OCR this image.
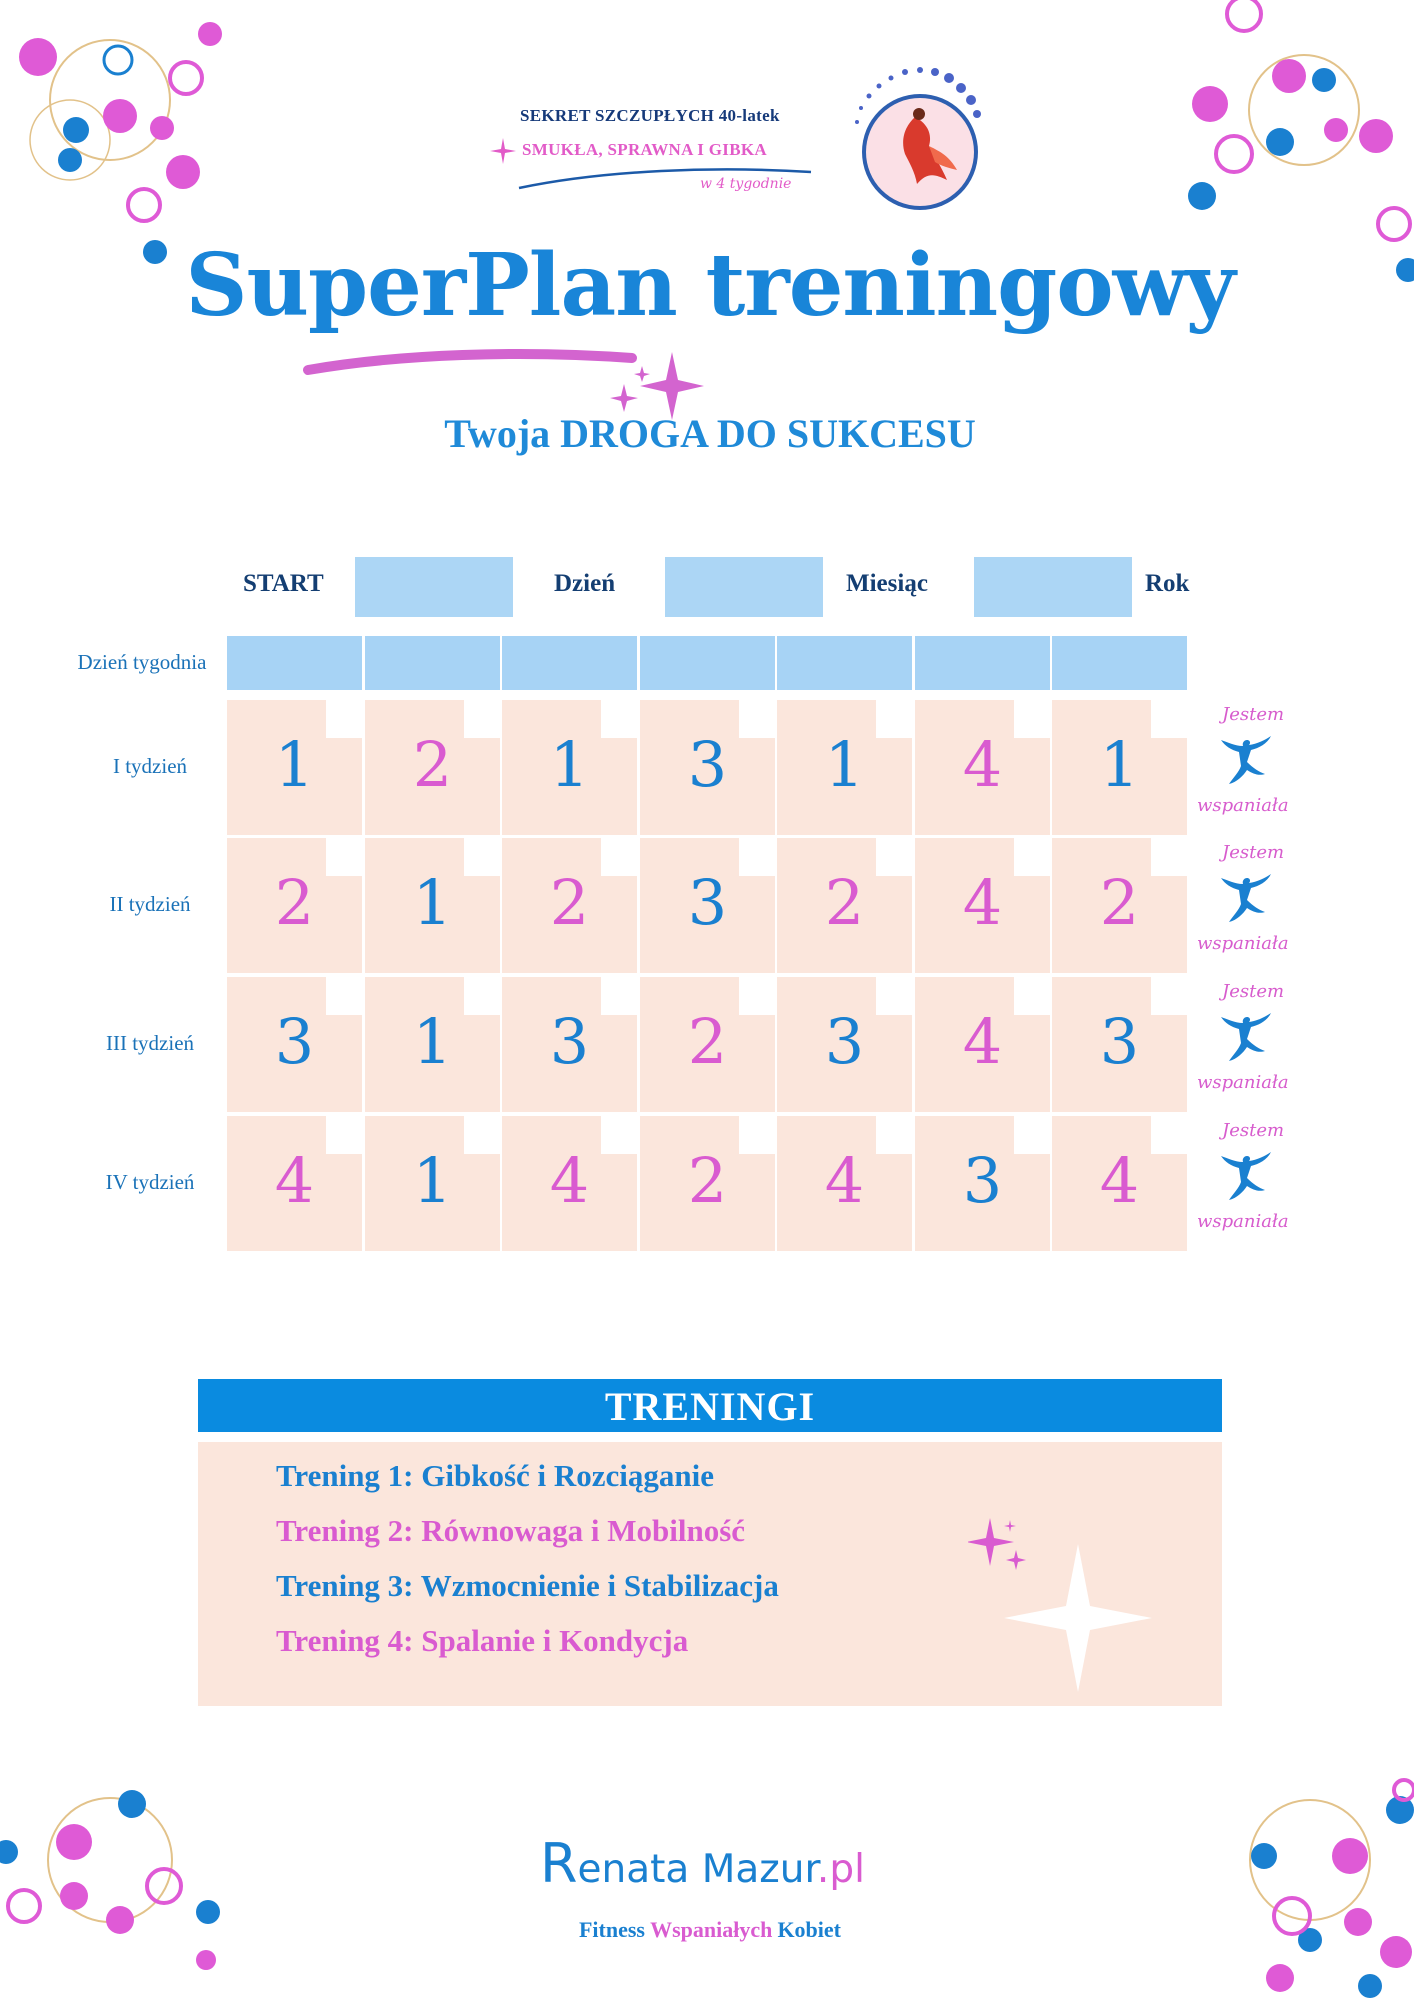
SEKRET SZCZUPŁYCH 40-latek
SMUKŁA, SPRAWNA I GIBKA
w 4 tygodnie
SuperPlan treningowy
Twoja DROGA DO SUKCESU
START	Dzień	Miesiąc	Rok
Dzień tygodnia
I tydzień	1	2	1	3	1	4	1
Jestem
wspaniała
II tydzień	2	1	2	3	2	4	2
Jestem
wspaniała
III tydzień	3	1	3	2	3	4	3
Jestem
wspaniała
IV tydzień	4	1	4	2	4	3	4
Jestem
wspaniała
TRENINGI
Trening 1: Gibkość i Rozciąganie
Trening 2: Równowaga i Mobilność
Trening 3: Wzmocnienie i Stabilizacja
Trening 4: Spalanie i Kondycja
Renata Mazur.pl
Fitness Wspaniałych Kobiet
